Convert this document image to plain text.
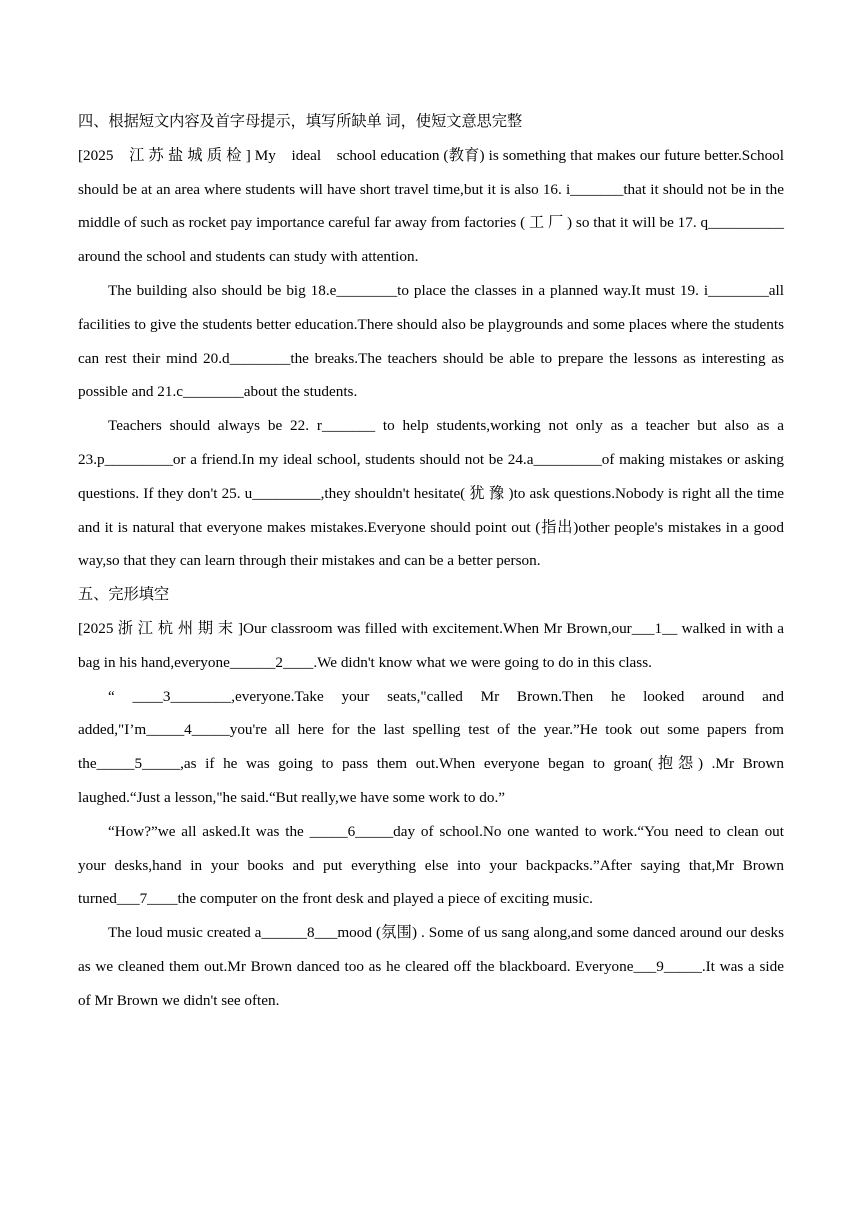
四、根据短文内容及首字母提示，填写所缺单 词，使短文意思完整

[2025　江 苏 盐 城 质 检 ] My　ideal　school education (教育) is something that makes our future better.School should be at an area where students will have short travel time,but it is also 16. i_______that it should not be in the middle of such as rocket pay importance careful far away from factories ( 工 厂 ) so that it will be 17. q__________ around the school and students can study with attention.

The building also should be big 18.e________to place the classes in a planned way.It must 19. i________all facilities to give the students better education.There should also be playgrounds and some places where the students can rest their mind 20.d________the breaks.The teachers should be able to prepare the lessons as interesting as possible and 21.c________about the students.

Teachers should always be 22. r_______ to help students,working not only as a teacher but also as a 23.p_________or a friend.In my ideal school, students should not be 24.a_________of making mistakes or asking questions. If they don't 25. u_________,they shouldn't hesitate( 犹 豫 )to ask questions.Nobody is right all the time and it is natural that everyone makes mistakes.Everyone should point out (指出)other people's mistakes in a good way,so that they can learn through their mistakes and can be a better person.

五、完形填空

[2025 浙 江 杭 州 期 末 ]Our classroom was filled with excitement.When Mr Brown,our___1__ walked in with a bag in his hand,everyone______2____.We didn't know what we were going to do in this class.

“ ____3________,everyone.Take your seats,"called Mr Brown.Then he looked around and added,"I’m_____4_____you're all here for the last spelling test of the year.”He took out some papers from the_____5_____,as if he was going to pass them out.When everyone began to groan(抱怨) .Mr Brown laughed.“Just a lesson,"he said.“But really,we have some work to do.”

“How?”we all asked.It was the _____6_____day of school.No one wanted to work.“You need to clean out your desks,hand in your books and put everything else into your backpacks.”After saying that,Mr Brown turned___7____the computer on the front desk and played a piece of exciting music.

The loud music created a______8___mood (氛围) . Some of us sang along,and some danced around our desks as we cleaned them out.Mr Brown danced too as he cleared off the blackboard. Everyone___9_____.It was a side of Mr Brown we didn't see often.
